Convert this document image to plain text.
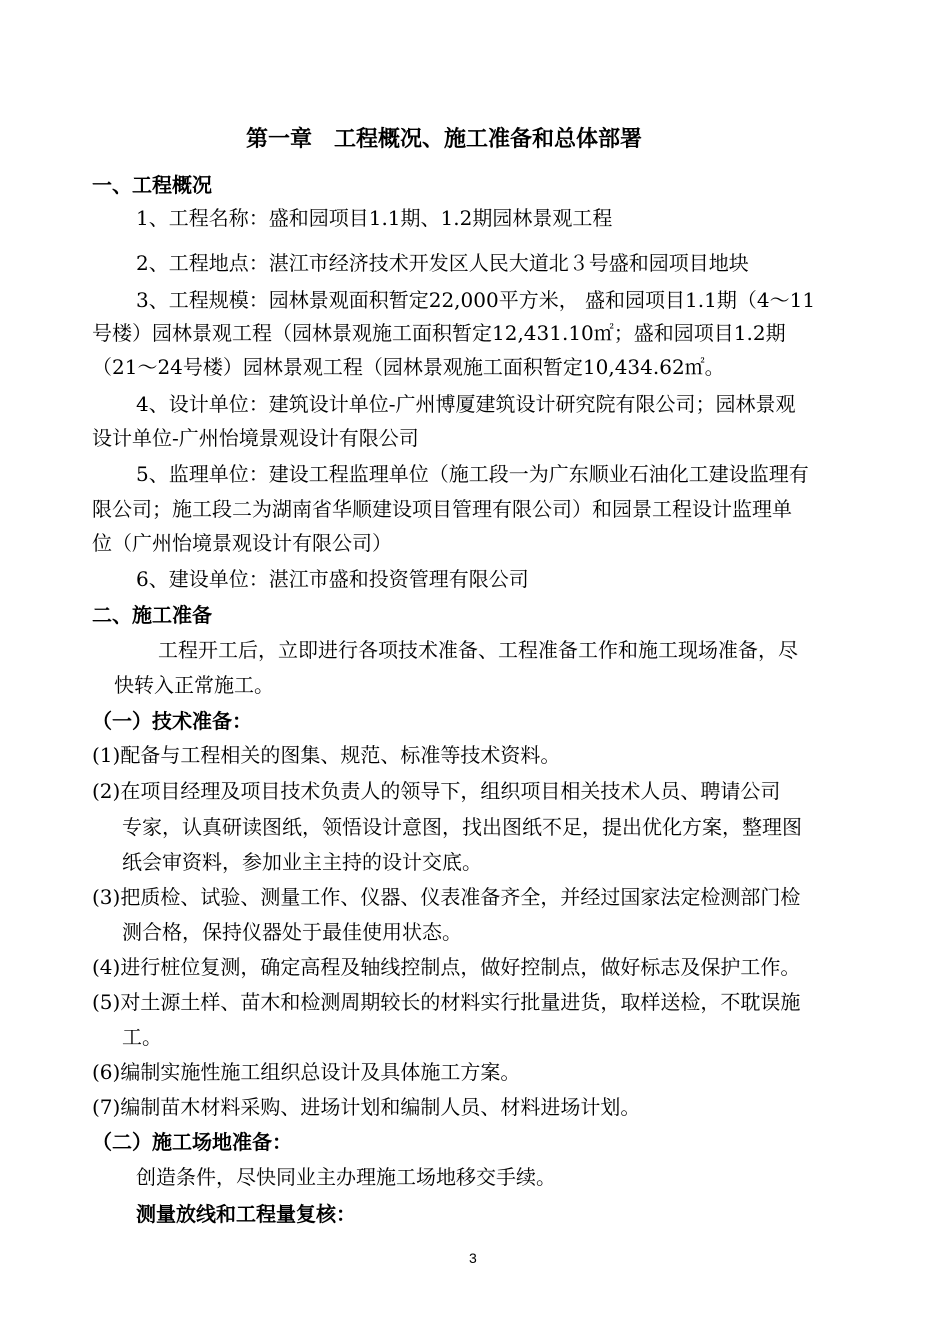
第一章　工程概况、施工准备和总体部署
一、工程概况
1、工程名称：盛和园项目1.1期、1.2期园林景观工程
2、工程地点：湛江市经济技术开发区人民大道北３号盛和园项目地块
3、工程规模：园林景观面积暂定22,000平方米， 盛和园项目1.1期（4～11
号楼）园林景观工程（园林景观施工面积暂定12,431.10㎡；盛和园项目1.2期
（21～24号楼）园林景观工程（园林景观施工面积暂定10,434.62㎡。
4、设计单位：建筑设计单位-广州博厦建筑设计研究院有限公司；园林景观
设计单位-广州怡境景观设计有限公司
5、监理单位：建设工程监理单位（施工段一为广东顺业石油化工建设监理有
限公司；施工段二为湖南省华顺建设项目管理有限公司）和园景工程设计监理单
位（广州怡境景观设计有限公司）
6、建设单位：湛江市盛和投资管理有限公司
二、施工准备
工程开工后，立即进行各项技术准备、工程准备工作和施工现场准备，尽
快转入正常施工。
（一）技术准备：
(1)配备与工程相关的图集、规范、标准等技术资料。
(2)在项目经理及项目技术负责人的领导下，组织项目相关技术人员、聘请公司
专家，认真研读图纸，领悟设计意图，找出图纸不足，提出优化方案，整理图
纸会审资料，参加业主主持的设计交底。
(3)把质检、试验、测量工作、仪器、仪表准备齐全，并经过国家法定检测部门检
测合格，保持仪器处于最佳使用状态。
(4)进行桩位复测，确定高程及轴线控制点，做好控制点，做好标志及保护工作。
(5)对土源土样、苗木和检测周期较长的材料实行批量进货，取样送检，不耽误施
工。
(6)编制实施性施工组织总设计及具体施工方案。
(7)编制苗木材料采购、进场计划和编制人员、材料进场计划。
（二）施工场地准备：
创造条件，尽快同业主办理施工场地移交手续。
测量放线和工程量复核：
3
